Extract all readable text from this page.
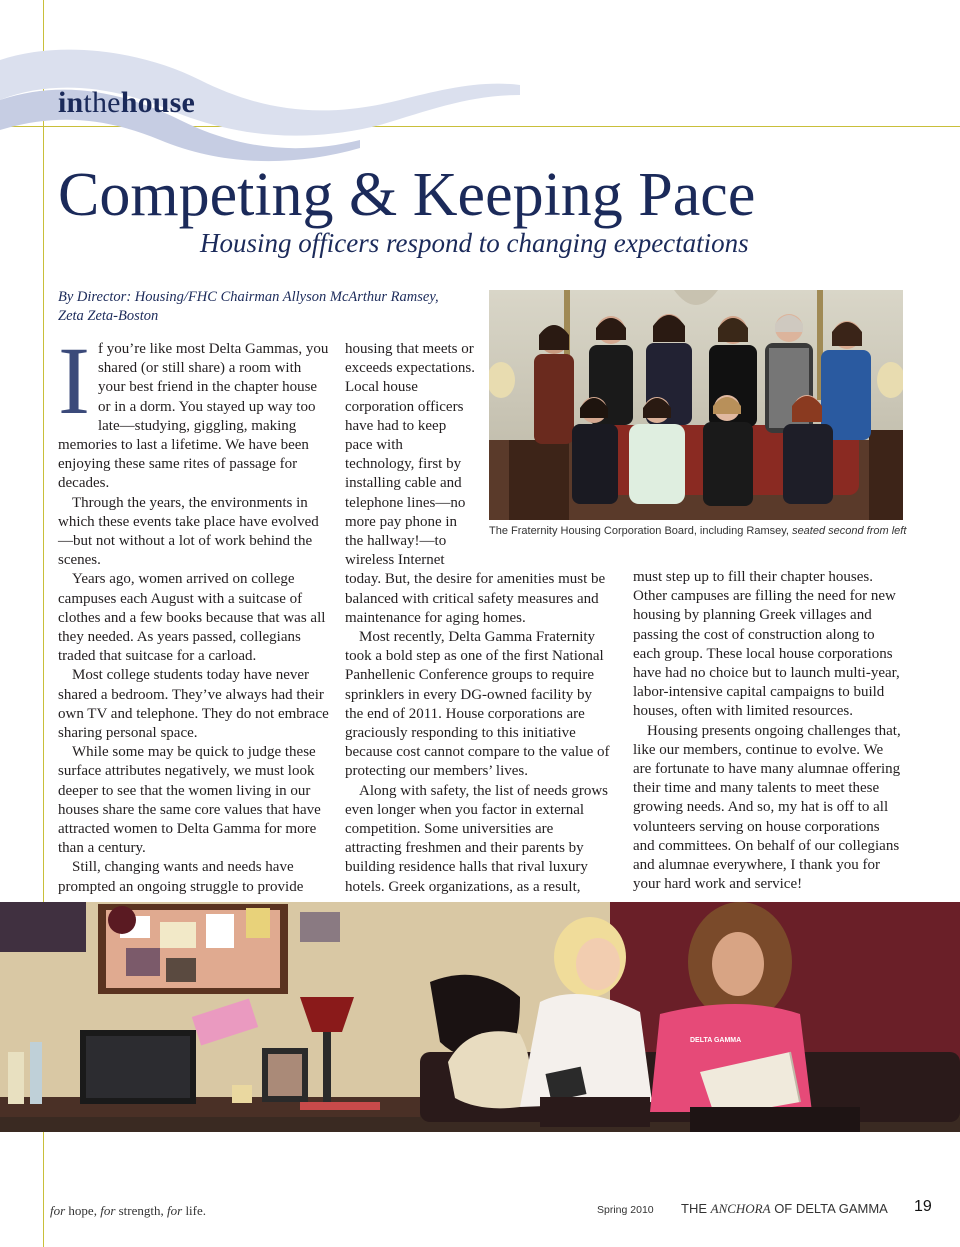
inthehouse
Competing & Keeping Pace
Housing officers respond to changing expectations
By Director: Housing/FHC Chairman Allyson McArthur Ramsey,
Zeta Zeta-Boston

If you’re like most Delta Gammas, you shared (or still share) a room with your best friend in the chapter house or in a dorm. You stayed up way too late—studying, giggling, making memories to last a lifetime. We have been enjoying these same rites of passage for decades.

Through the years, the environments in which these events take place have evolved—but not without a lot of work behind the scenes.

Years ago, women arrived on college campuses each August with a suitcase of clothes and a few books because that was all they needed. As years passed, collegians traded that suitcase for a carload.

Most college students today have never shared a bedroom. They’ve always had their own TV and telephone. They do not embrace sharing personal space.

While some may be quick to judge these surface attributes negatively, we must look deeper to see that the women living in our houses share the same core values that have attracted women to Delta Gamma for more than a century.

Still, changing wants and needs have prompted an ongoing struggle to provide

housing that meets or exceeds expectations. Local house corporation officers have had to keep pace with technology, first by installing cable and telephone lines—no more pay phone in the hallway!—to wireless Internet today. But, the desire for amenities must be balanced with critical safety measures and maintenance for aging homes.

Most recently, Delta Gamma Fraternity took a bold step as one of the first National Panhellenic Conference groups to require sprinklers in every DG-owned facility by the end of 2011. House corporations are graciously responding to this initiative because cost cannot compare to the value of protecting our members’ lives.

Along with safety, the list of needs grows even longer when you factor in external competition. Some universities are attracting freshmen and their parents by building residence halls that rival luxury hotels. Greek organizations, as a result,

must step up to fill their chapter houses. Other campuses are filling the need for new housing by planning Greek villages and passing the cost of construction along to each group. These local house corporations have had no choice but to launch multi-year, labor-intensive capital campaigns to build houses, often with limited resources.

Housing presents ongoing challenges that, like our members, continue to evolve. We are fortunate to have many alumnae offering their time and many talents to meet these growing needs. And so, my hat is off to all volunteers serving on house corporations and committees. On behalf of our collegians and alumnae everywhere, I thank you for your hard work and service!

The Fraternity Housing Corporation Board, including Ramsey, seated second from left
DELTA GAMMA
for hope, for strength, for life.	Spring 2010 THE ANCHORA OF DELTA GAMMA 19
